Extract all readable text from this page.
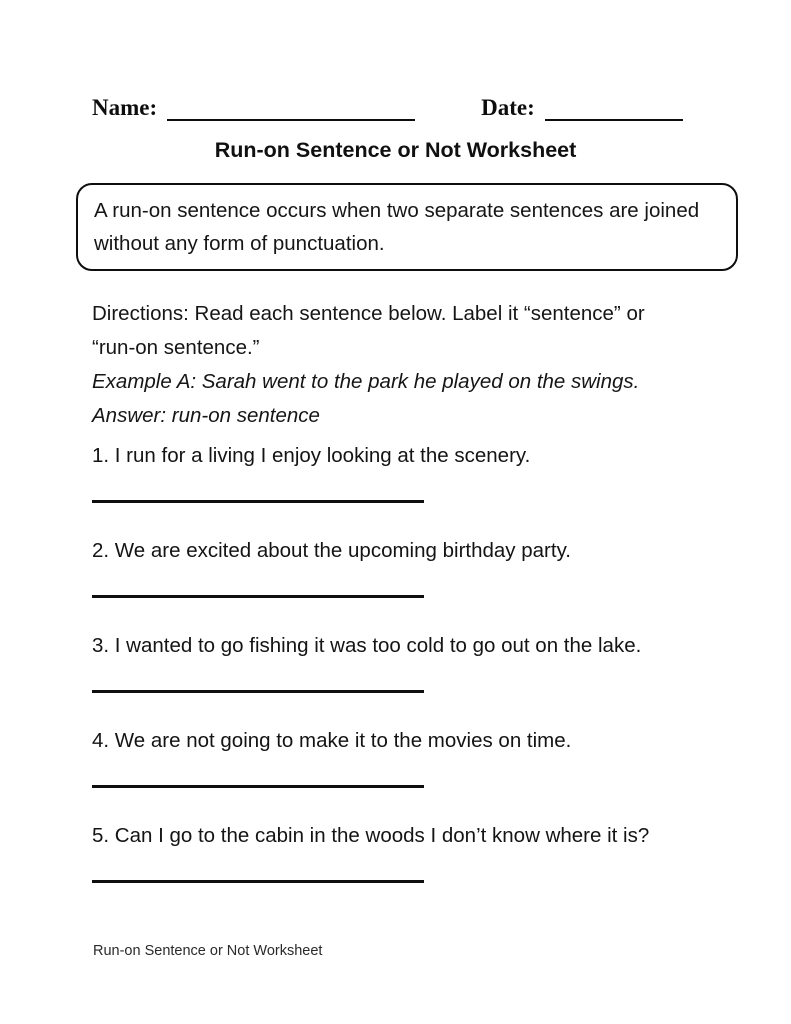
Name:	Date:
Run-on Sentence or Not Worksheet
A run-on sentence occurs when two separate sentences are joined without any form of punctuation.
Directions: Read each sentence below. Label it “sentence” or “run-on sentence.”
Example A: Sarah went to the park he played on the swings.
Answer: run-on sentence
1. I run for a living I enjoy looking at the scenery.
2. We are excited about the upcoming birthday party.
3. I wanted to go fishing it was too cold to go out on the lake.
4. We are not going to make it to the movies on time.
5. Can I go to the cabin in the woods I don’t know where it is?
Run-on Sentence or Not Worksheet
